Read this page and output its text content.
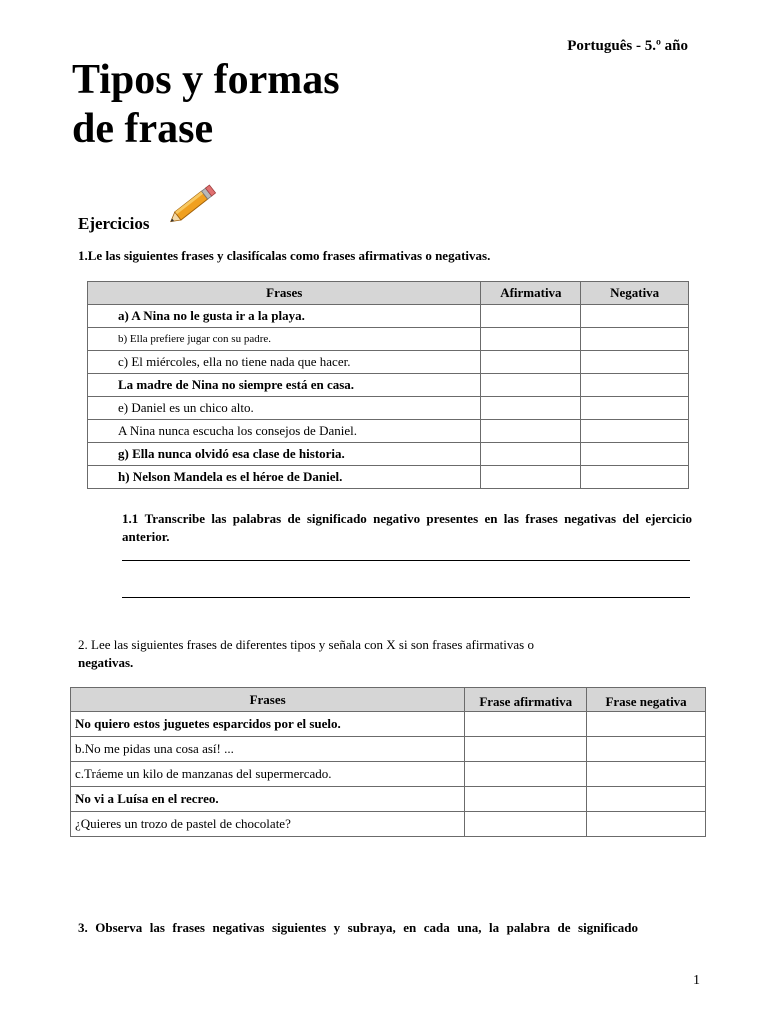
Português - 5.º año
Tipos y formas
de frase
Ejercicios
1.Le las siguientes frases y clasifícalas como frases afirmativas o negativas.
Frases	Afirmativa	Negativa
a) A Nina no le gusta ir a la playa.		
b) Ella prefiere jugar con su padre.		
c) El miércoles, ella no tiene nada que hacer.		
La madre de Nina no siempre está en casa.		
e) Daniel es un chico alto.		
A Nina nunca escucha los consejos de Daniel.		
g) Ella nunca olvidó esa clase de historia.		
h) Nelson Mandela es el héroe de Daniel.		
1.1 Transcribe las palabras de significado negativo presentes en las frases negativas del ejercicio anterior.
2. Lee las siguientes frases de diferentes tipos y señala con X si son frases afirmativas o
negativas.
Frases	Frase afirmativa	Frase negativa
No quiero estos juguetes esparcidos por el suelo.		
b.No me pidas una cosa así! ...		
c.Tráeme un kilo de manzanas del supermercado.		
No vi a Luísa en el recreo.		
¿Quieres un trozo de pastel de chocolate?		
3. Observa las frases negativas siguientes y subraya, en cada una, la palabra de significado
1
